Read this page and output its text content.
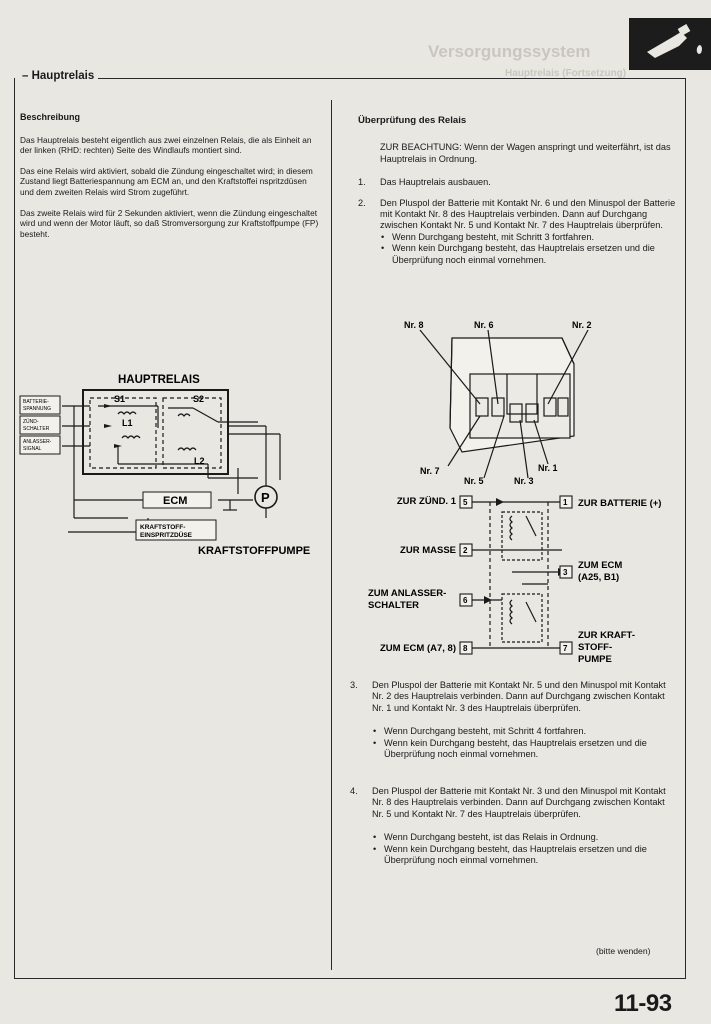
Versorgungssystem
Hauptrelais (Fortsetzung)
– Hauptrelais
Beschreibung

Das Hauptrelais besteht eigentlich aus zwei einzelnen Relais, die als Einheit an der linken (RHD: rechten) Seite des Windlaufs montiert sind.

Das eine Relais wird aktiviert, sobald die Zündung eingeschaltet wird; in diesem Zustand liegt Batteriespannung am ECM an, und den Kraftstoffei nspritzdüsen und dem zweiten Relais wird Strom zugeführt.

Das zweite Relais wird für 2 Sekunden aktiviert, wenn die Zündung eingeschaltet wird und wenn der Motor läuft, so daß Stromversorgung zur Kraftstoffpumpe (FP) besteht.

HAUPTRELAIS
BATTERIE-
SPANNUNG
ZÜND-
SCHALTER
ANLASSER-
SIGNAL
S1	S2
L1
L2
ECM
KRAFTSTOFF-
EINSPRITZDÜSE
P
KRAFTSTOFFPUMPE
Überprüfung des Relais
ZUR BEACHTUNG: Wenn der Wagen anspringt und weiterfährt, ist das Hauptrelais in Ordnung.
1. Das Hauptrelais ausbauen.
2. Den Pluspol der Batterie mit Kontakt Nr. 6 und den Minuspol der Batterie mit Kontakt Nr. 8 des Hauptrelais verbinden. Dann auf Durchgang zwischen Kontakt Nr. 5 und Kontakt Nr. 7 des Hauptrelais überprüfen.
• Wenn Durchgang besteht, mit Schritt 3 fortfahren.
• Wenn kein Durchgang besteht, das Hauptrelais ersetzen und die Überprüfung noch einmal vornehmen.
Nr. 8	Nr. 6	Nr. 2
Nr. 7
Nr. 5	Nr. 3
Nr. 1
5
2
6
8
1
3
7
ZUR ZÜND. 1
ZUR MASSE
ZUM ANLASSER-
SCHALTER
ZUM ECM (A7, 8)
ZUR BATTERIE (+)
ZUM ECM
(A25, B1)
ZUR KRAFT-
STOFF-
PUMPE
3. Den Pluspol der Batterie mit Kontakt Nr. 5 und den Minuspol mit Kontakt Nr. 2 des Hauptrelais verbinden. Dann auf Durchgang zwischen Kontakt Nr. 1 und Kontakt Nr. 3 des Hauptrelais überprüfen.
• Wenn Durchgang besteht, mit Schritt 4 fortfahren.
• Wenn kein Durchgang besteht, das Hauptrelais ersetzen und die Überprüfung noch einmal vornehmen.
4. Den Pluspol der Batterie mit Kontakt Nr. 3 und den Minuspol mit Kontakt Nr. 8 des Hauptrelais verbinden. Dann auf Durchgang zwischen Kontakt Nr. 5 und Kontakt Nr. 7 des Hauptrelais überprüfen.
• Wenn Durchgang besteht, ist das Relais in Ordnung.
• Wenn kein Durchgang besteht, das Hauptrelais ersetzen und die Überprüfung noch einmal vornehmen.
(bitte wenden)
11-93
